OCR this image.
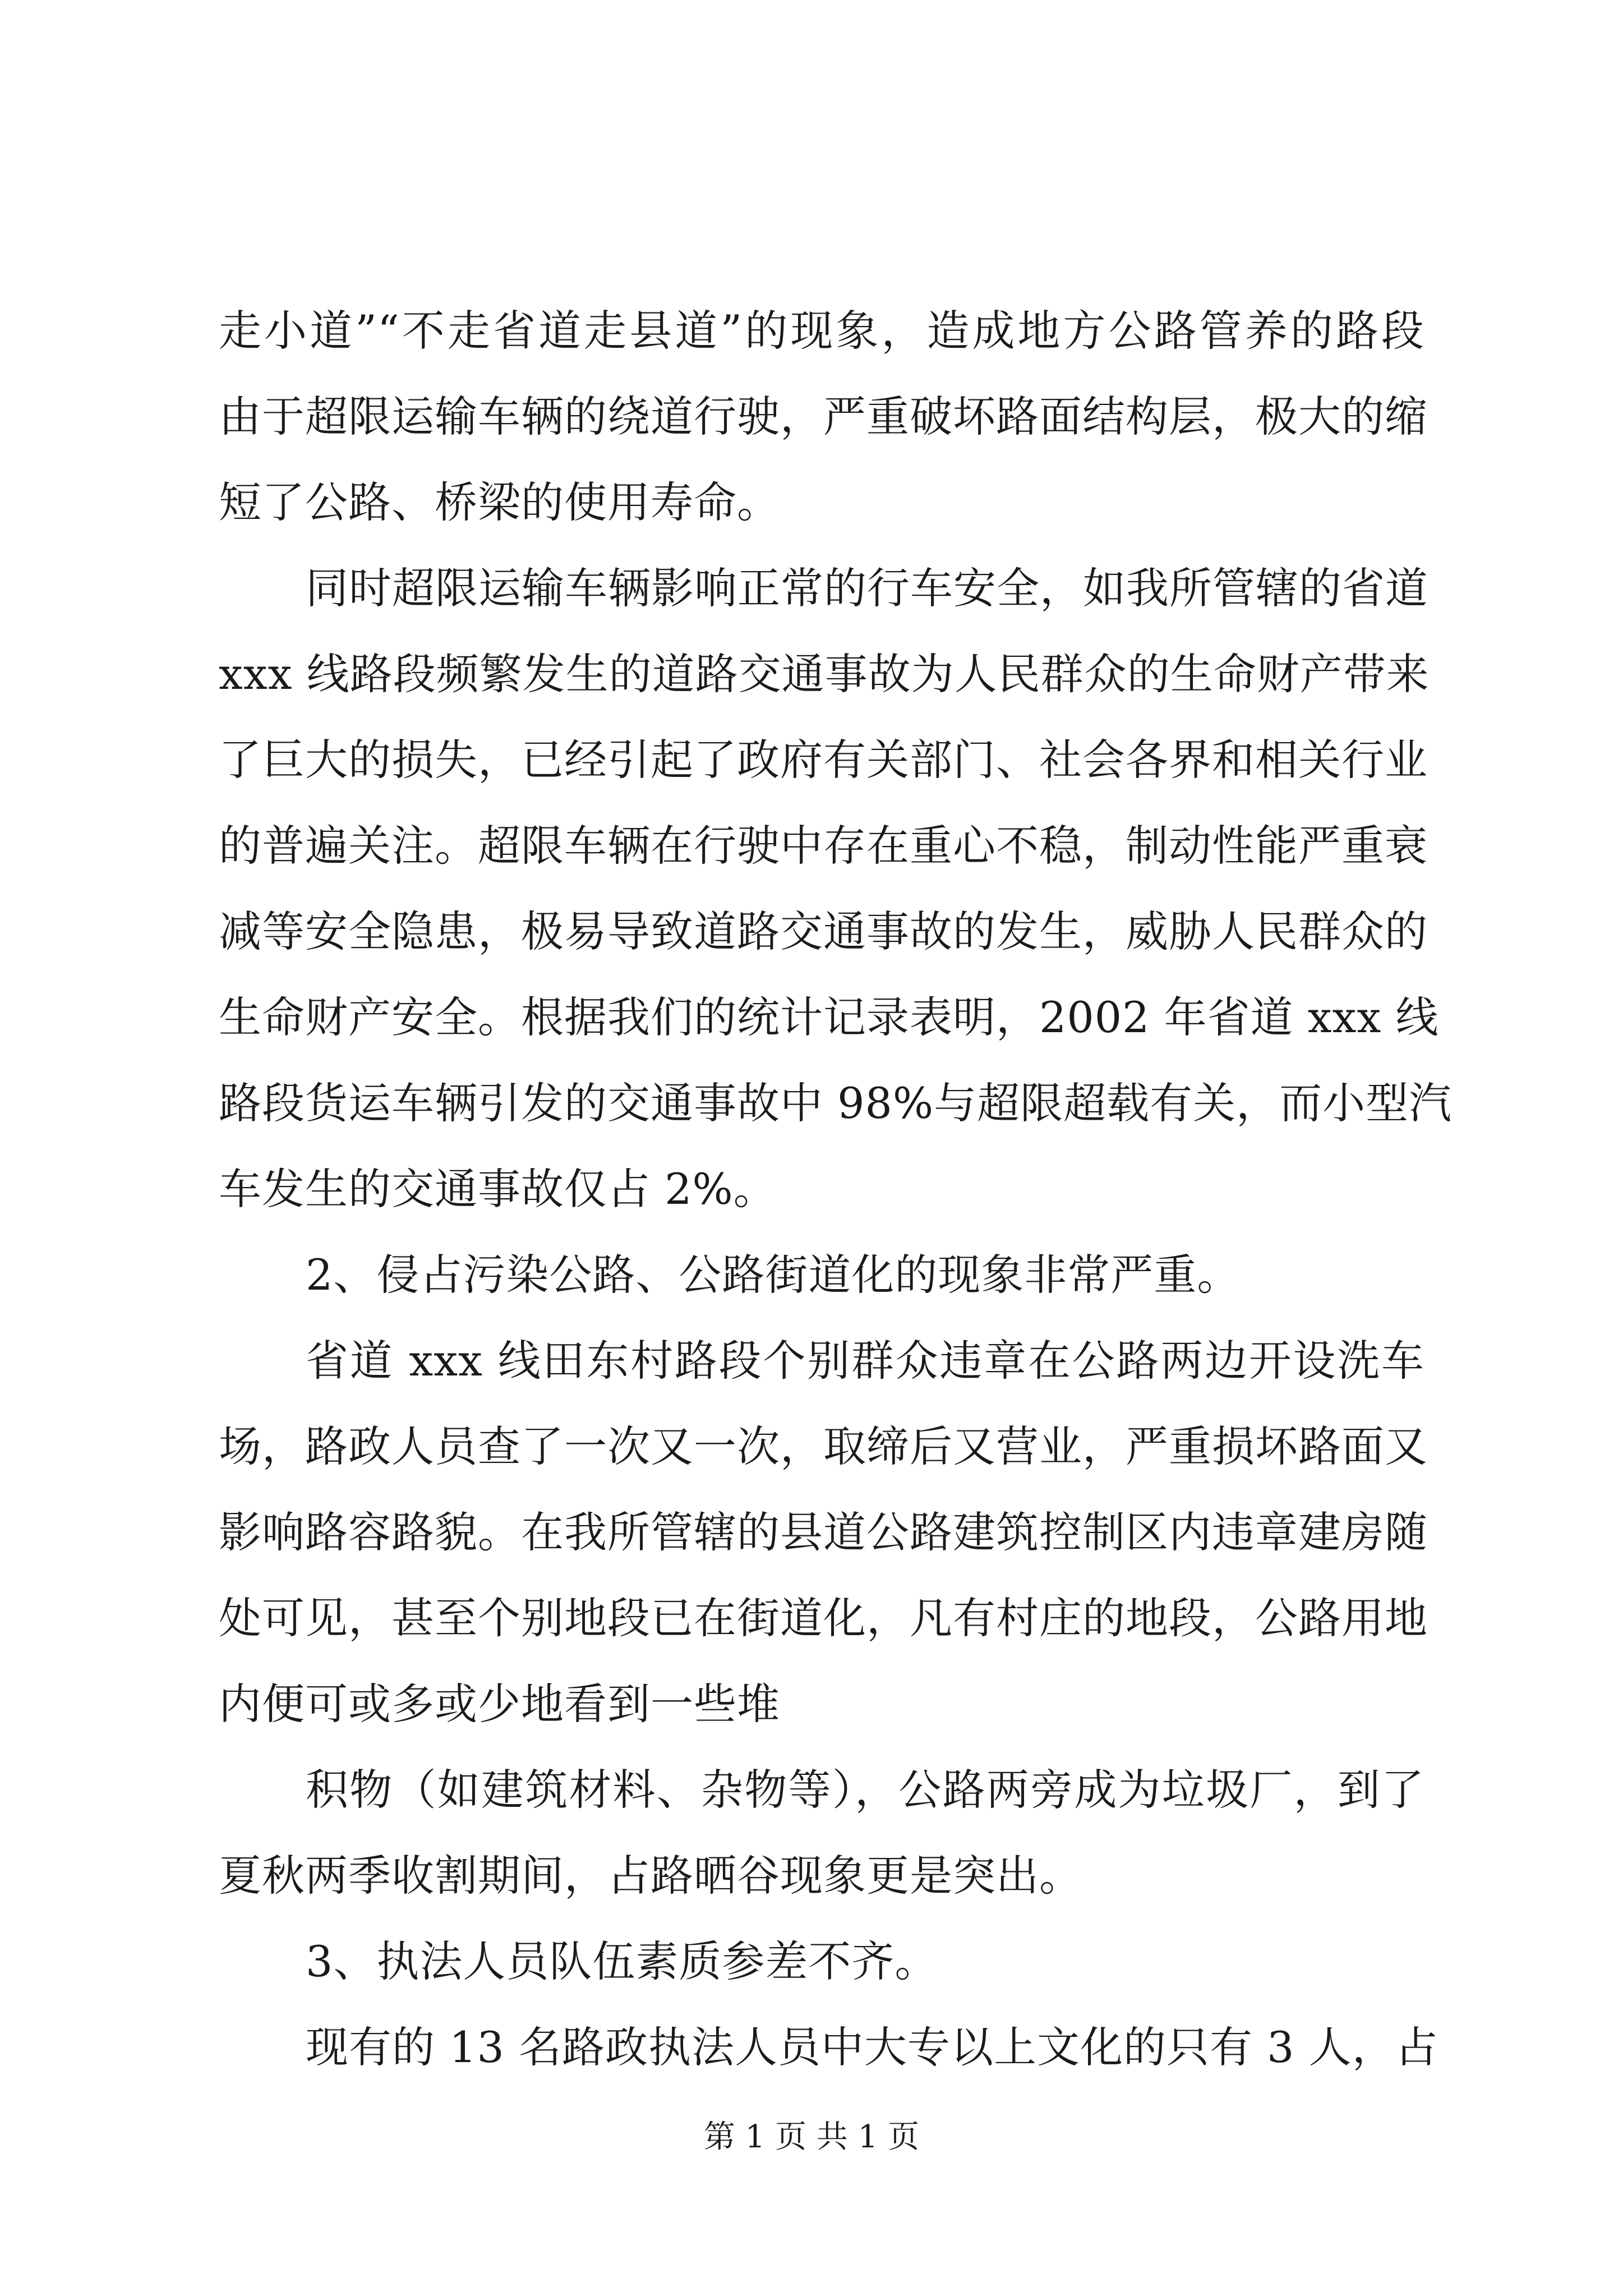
走小道”“不走省道走县道”的现象，造成地方公路管养的路段
由于超限运输车辆的绕道行驶，严重破坏路面结构层，极大的缩
短了公路、桥梁的使用寿命。
同时超限运输车辆影响正常的行车安全，如我所管辖的省道
xxx 线路段频繁发生的道路交通事故为人民群众的生命财产带来
了巨大的损失，已经引起了政府有关部门、社会各界和相关行业
的普遍关注。超限车辆在行驶中存在重心不稳，制动性能严重衰
减等安全隐患，极易导致道路交通事故的发生，威胁人民群众的
生命财产安全。根据我们的统计记录表明，2002 年省道 xxx 线
路段货运车辆引发的交通事故中 98%与超限超载有关，而小型汽
车发生的交通事故仅占 2%。
2、侵占污染公路、公路街道化的现象非常严重。
省道 xxx 线田东村路段个别群众违章在公路两边开设洗车
场，路政人员查了一次又一次，取缔后又营业，严重损坏路面又
影响路容路貌。在我所管辖的县道公路建筑控制区内违章建房随
处可见，甚至个别地段已在街道化，凡有村庄的地段，公路用地
内便可或多或少地看到一些堆
积物（如建筑材料、杂物等），公路两旁成为垃圾厂，到了
夏秋两季收割期间，占路晒谷现象更是突出。
3、执法人员队伍素质参差不齐。
现有的 13 名路政执法人员中大专以上文化的只有 3 人，占
第 1 页 共 1 页
